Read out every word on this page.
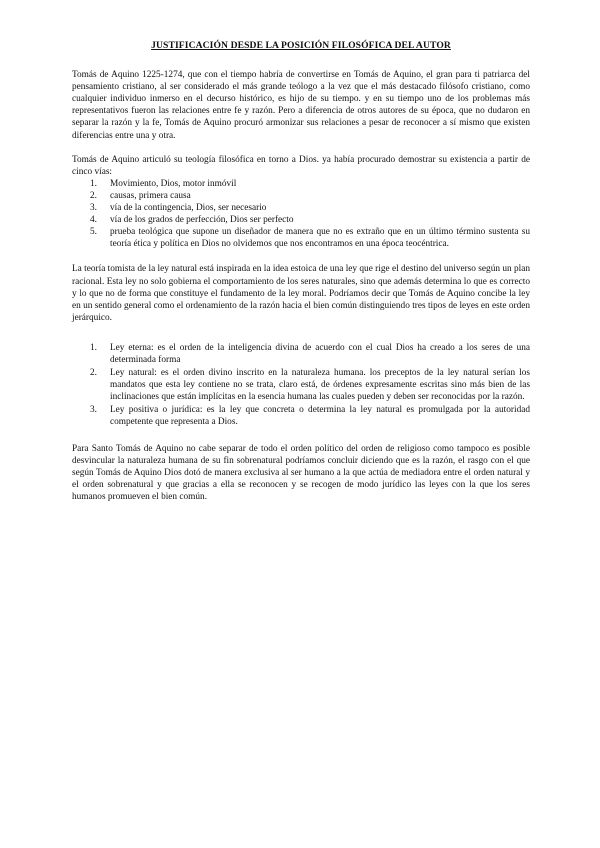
JUSTIFICACIÓN DESDE LA POSICIÓN FILOSÓFICA DEL AUTOR

Tomás de Aquino 1225-1274, que con el tiempo habría de convertirse en Tomás de Aquino, el gran para ti patriarca del pensamiento cristiano, al ser considerado el más grande teólogo a la vez que el más destacado filósofo cristiano, como cualquier individuo inmerso en el decurso histórico, es hijo de su tiempo. y en su tiempo uno de los problemas más representativos fueron las relaciones entre fe y razón. Pero a diferencia de otros autores de su época, que no dudaron en separar la razón y la fe, Tomás de Aquino procuró armonizar sus relaciones a pesar de reconocer a sí mismo que existen diferencias entre una y otra.

Tomás de Aquino articuló su teología filosófica en torno a Dios. ya había procurado demostrar su existencia a partir de cinco vías:

1. Movimiento, Dios, motor inmóvil
2. causas, primera causa
3. vía de la contingencia, Dios, ser necesario
4. vía de los grados de perfección, Dios ser perfecto
5. prueba teológica que supone un diseñador de manera que no es extraño que en un último término sustenta su teoría ética y política en Dios no olvidemos que nos encontramos en una época teocéntrica.

La teoría tomista de la ley natural está inspirada en la idea estoica de una ley que rige el destino del universo según un plan racional. Esta ley no solo gobierna el comportamiento de los seres naturales, sino que además determina lo que es correcto y lo que no de forma que constituye el fundamento de la ley moral. Podríamos decir que Tomás de Aquino concibe la ley en un sentido general como el ordenamiento de la razón hacia el bien común distinguiendo tres tipos de leyes en este orden jerárquico.

1. Ley eterna: es el orden de la inteligencia divina de acuerdo con el cual Dios ha creado a los seres de una determinada forma
2. Ley natural: es el orden divino inscrito en la naturaleza humana. los preceptos de la ley natural serían los mandatos que esta ley contiene no se trata, claro está, de órdenes expresamente escritas sino más bien de las inclinaciones que están implícitas en la esencia humana las cuales pueden y deben ser reconocidas por la razón.
3. Ley positiva o jurídica: es la ley que concreta o determina la ley natural es promulgada por la autoridad competente que representa a Dios.

Para Santo Tomás de Aquino no cabe separar de todo el orden político del orden de religioso como tampoco es posible desvincular la naturaleza humana de su fin sobrenatural podríamos concluir diciendo que es la razón, el rasgo con el que según Tomás de Aquino Dios dotó de manera exclusiva al ser humano a la que actúa de mediadora entre el orden natural y el orden sobrenatural y que gracias a ella se reconocen y se recogen de modo jurídico las leyes con la que los seres humanos promueven el bien común.
